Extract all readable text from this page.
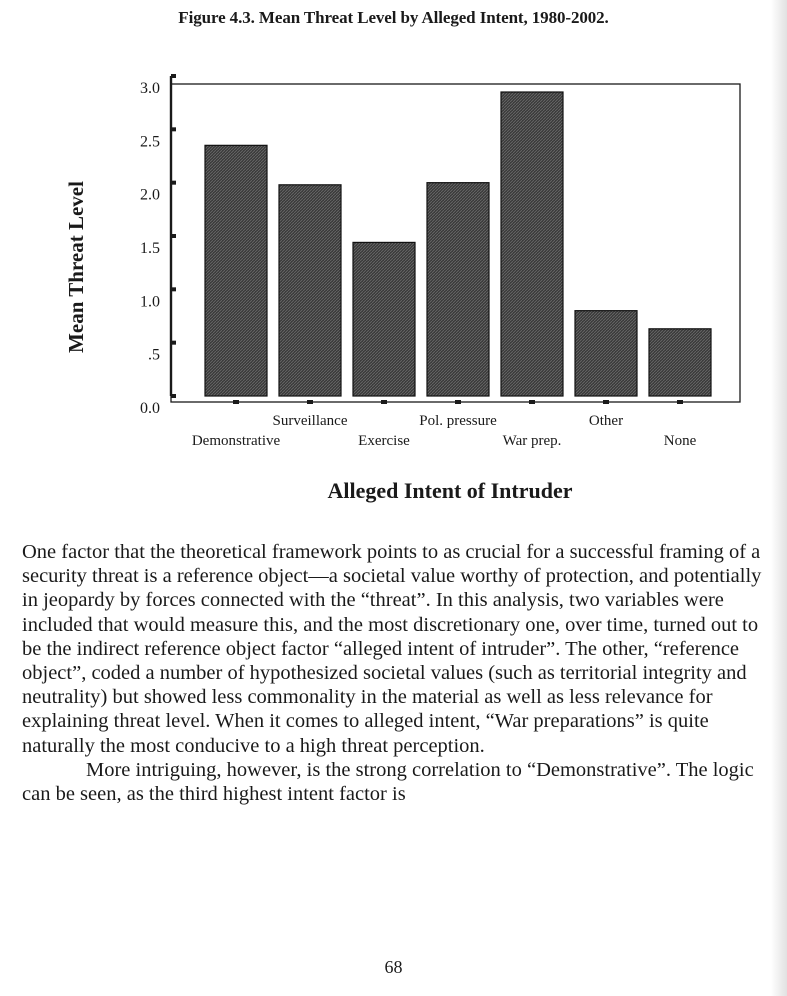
Figure 4.3. Mean Threat Level by Alleged Intent, 1980-2002.
0.0
.5
1.0
1.5
2.0
2.5
3.0
Demonstrative
Surveillance
Exercise
Pol. pressure
War prep.
Other
None
Mean Threat Level
Alleged Intent of Intruder

One factor that the theoretical framework points to as crucial for a successful framing of a security threat is a reference object—a societal value worthy of protection, and potentially in jeopardy by forces connected with the “threat”. In this analysis, two variables were included that would measure this, and the most discretionary one, over time, turned out to be the indirect reference object factor “alleged intent of intruder”. The other, “reference object”, coded a number of hypothesized societal values (such as territorial integrity and neutrality) but showed less commonality in the material as well as less relevance for explaining threat level. When it comes to alleged intent, “War preparations” is quite naturally the most conducive to a high threat perception.

More intriguing, however, is the strong correlation to “Demonstrative”. The logic can be seen, as the third highest intent factor is

68
